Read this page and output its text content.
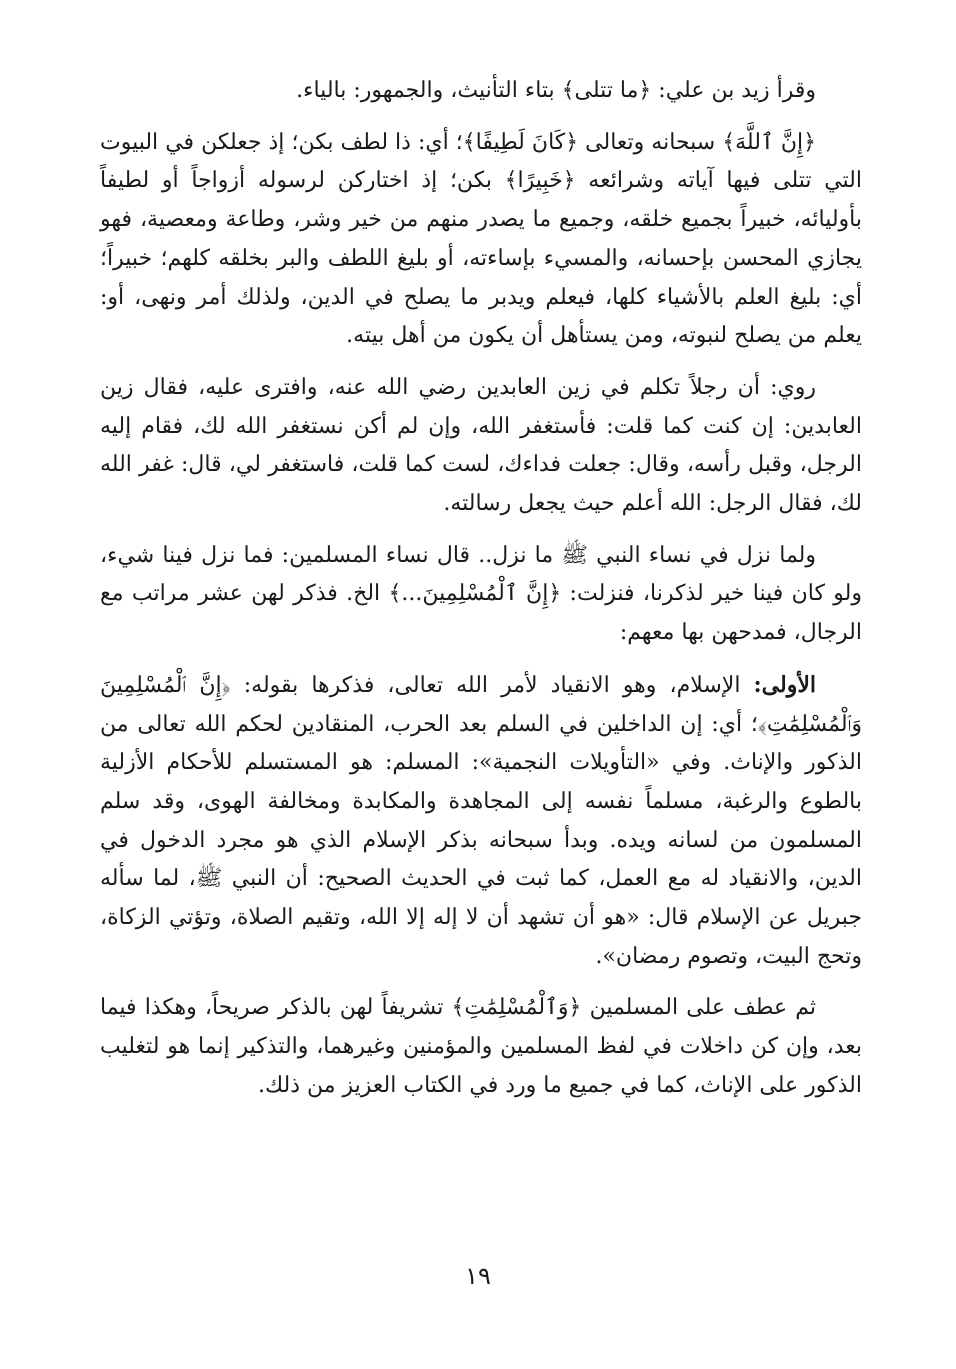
وقرأ زيد بن علي: ﴿ما تتلى﴾ بتاء التأنيث، والجمهور: بالياء.

﴿إِنَّ ٱللَّهَ﴾ سبحانه وتعالى ﴿كَانَ لَطِيفًا﴾؛ أي: ذا لطف بكن؛ إذ جعلكن في البيوت التي تتلى فيها آياته وشرائعه ﴿خَبِيرًا﴾ بكن؛ إذ اختاركن لرسوله أزواجاً أو لطيفاً بأوليائه، خبيراً بجميع خلقه، وجميع ما يصدر منهم من خير وشر، وطاعة ومعصية، فهو يجازي المحسن بإحسانه، والمسيء بإساءته، أو بليغ اللطف والبر بخلقه كلهم؛ خبيراً؛ أي: بليغ العلم بالأشياء كلها، فيعلم ويدبر ما يصلح في الدين، ولذلك أمر ونهى، أو: يعلم من يصلح لنبوته، ومن يستأهل أن يكون من أهل بيته.

روي: أن رجلاً تكلم في زين العابدين رضي الله عنه، وافترى عليه، فقال زين العابدين: إن كنت كما قلت: فأستغفر الله، وإن لم أكن نستغفر الله لك، فقام إليه الرجل، وقبل رأسه، وقال: جعلت فداءك، لست كما قلت، فاستغفر لي، قال: غفر الله لك، فقال الرجل: الله أعلم حيث يجعل رسالته.

ولما نزل في نساء النبي ﷺ ما نزل.. قال نساء المسلمين: فما نزل فينا شيء، ولو كان فينا خير لذكرنا، فنزلت: ﴿إِنَّ ٱلْمُسْلِمِينَ...﴾ الخ. فذكر لهن عشر مراتب مع الرجال، فمدحهن بها معهم:

الأولى: الإسلام، وهو الانقياد لأمر الله تعالى، فذكرها بقوله: ﴿إِنَّ ٱلْمُسْلِمِينَ وَٱلْمُسْلِمَٰتِ﴾؛ أي: إن الداخلين في السلم بعد الحرب، المنقادين لحكم الله تعالى من الذكور والإناث. وفي «التأويلات النجمية»: المسلم: هو المستسلم للأحكام الأزلية بالطوع والرغبة، مسلماً نفسه إلى المجاهدة والمكابدة ومخالفة الهوى، وقد سلم المسلمون من لسانه ويده. وبدأ سبحانه بذكر الإسلام الذي هو مجرد الدخول في الدين، والانقياد له مع العمل، كما ثبت في الحديث الصحيح: أن النبي ﷺ، لما سأله جبريل عن الإسلام قال: «هو أن تشهد أن لا إله إلا الله، وتقيم الصلاة، وتؤتي الزكاة، وتحج البيت، وتصوم رمضان».

ثم عطف على المسلمين ﴿وَٱلْمُسْلِمَٰتِ﴾ تشريفاً لهن بالذكر صريحاً، وهكذا فيما بعد، وإن كن داخلات في لفظ المسلمين والمؤمنين وغيرهما، والتذكير إنما هو لتغليب الذكور على الإناث، كما في جميع ما ورد في الكتاب العزيز من ذلك.

١٩
